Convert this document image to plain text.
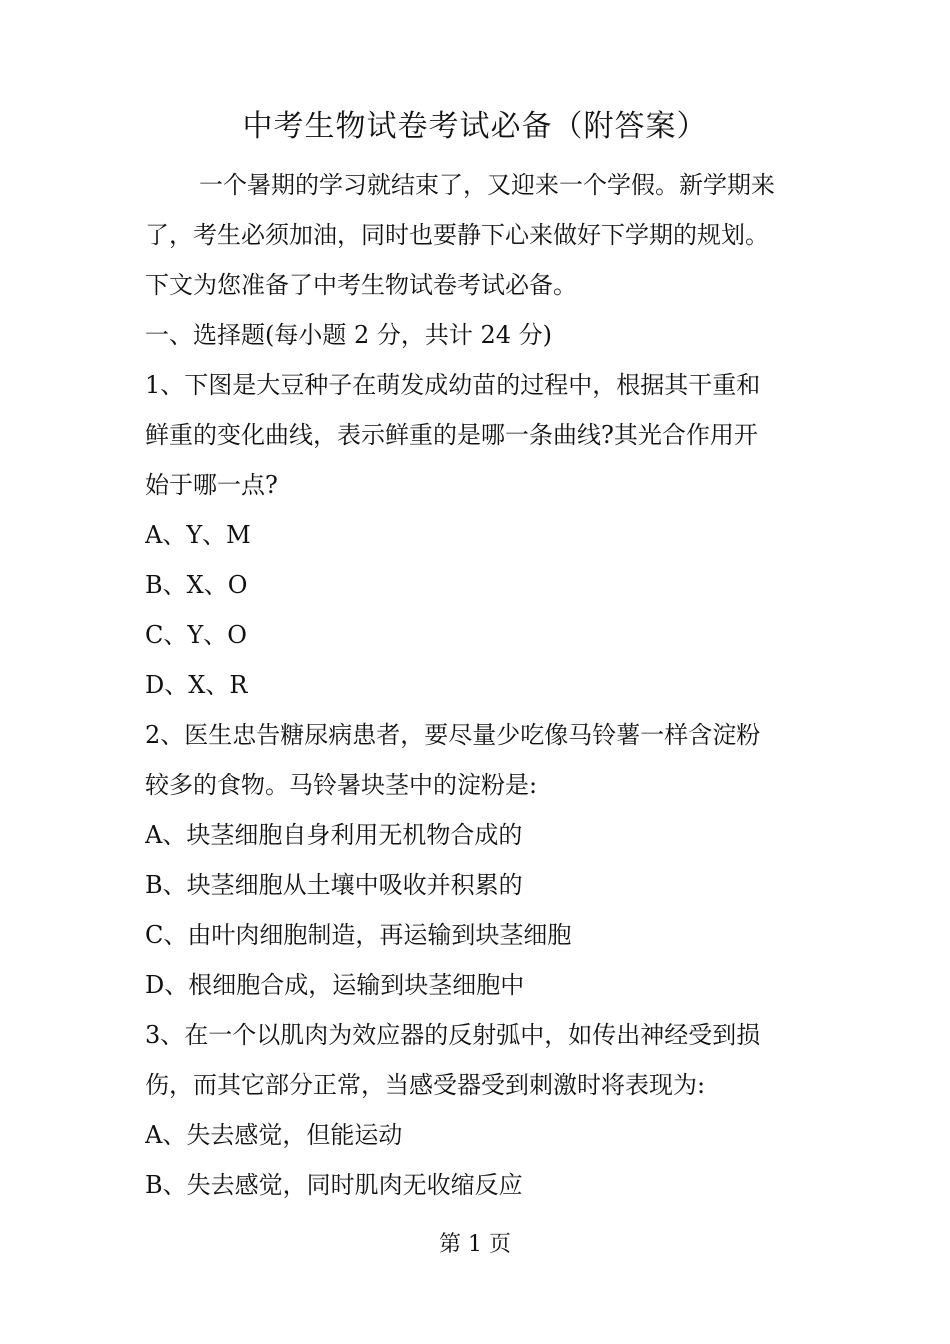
中考生物试卷考试必备（附答案）
一个暑期的学习就结束了，又迎来一个学假。新学期来
了，考生必须加油，同时也要静下心来做好下学期的规划。
下文为您准备了中考生物试卷考试必备。
一、选择题(每小题 2 分，共计 24 分)
1、下图是大豆种子在萌发成幼苗的过程中，根据其干重和
鲜重的变化曲线，表示鲜重的是哪一条曲线?其光合作用开
始于哪一点?
A、Y、M
B、X、O
C、Y、O
D、X、R
2、医生忠告糖尿病患者，要尽量少吃像马铃薯一样含淀粉
较多的食物。马铃暑块茎中的淀粉是:
A、块茎细胞自身利用无机物合成的
B、块茎细胞从土壤中吸收并积累的
C、由叶肉细胞制造，再运输到块茎细胞
D、根细胞合成，运输到块茎细胞中
3、在一个以肌肉为效应器的反射弧中，如传出神经受到损
伤，而其它部分正常，当感受器受到刺激时将表现为:
A、失去感觉，但能运动
B、失去感觉，同时肌肉无收缩反应
第 1 页
